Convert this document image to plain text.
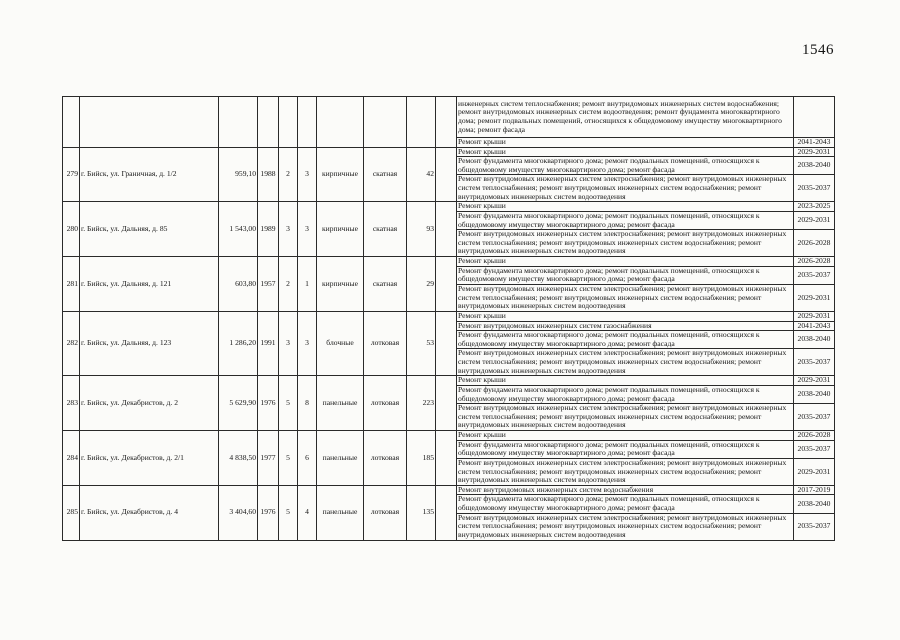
1546
										инженерных систем теплоснабжения; ремонт внутридомовых инженерных систем водоснабжения; ремонт внутридомовых инженерных систем водоотведения; ремонт фундамента многоквартирного дома; ремонт подвальных помещений, относящихся к общедомовому имуществу многоквартирного дома; ремонт фасада	
										Ремонт крыши	2041-2043
279	г. Бийск, ул. Граничная, д. 1/2	959,10	1988	2	3	кирпичные	скатная	42		Ремонт крыши	2029-2031
										Ремонт фундамента многоквартирного дома; ремонт подвальных помещений, относящихся к общедомовому имуществу многоквартирного дома; ремонт фасада	2038-2040
										Ремонт внутридомовых инженерных систем электроснабжения; ремонт внутридомовых инженерных систем теплоснабжения; ремонт внутридомовых инженерных систем водоснабжения; ремонт внутридомовых инженерных систем водоотведения	2035-2037
280	г. Бийск, ул. Дальняя, д. 85	1 543,00	1989	3	3	кирпичные	скатная	93		Ремонт крыши	2023-2025
										Ремонт фундамента многоквартирного дома; ремонт подвальных помещений, относящихся к общедомовому имуществу многоквартирного дома; ремонт фасада	2029-2031
										Ремонт внутридомовых инженерных систем электроснабжения; ремонт внутридомовых инженерных систем теплоснабжения; ремонт внутридомовых инженерных систем водоснабжения; ремонт внутридомовых инженерных систем водоотведения	2026-2028
281	г. Бийск, ул. Дальняя, д. 121	603,80	1957	2	1	кирпичные	скатная	29		Ремонт крыши	2026-2028
										Ремонт фундамента многоквартирного дома; ремонт подвальных помещений, относящихся к общедомовому имуществу многоквартирного дома; ремонт фасада	2035-2037
										Ремонт внутридомовых инженерных систем электроснабжения; ремонт внутридомовых инженерных систем теплоснабжения; ремонт внутридомовых инженерных систем водоснабжения; ремонт внутридомовых инженерных систем водоотведения	2029-2031
282	г. Бийск, ул. Дальняя, д. 123	1 286,20	1991	3	3	блочные	лотковая	53		Ремонт крыши	2029-2031
										Ремонт внутридомовых инженерных систем газоснабжения	2041-2043
										Ремонт фундамента многоквартирного дома; ремонт подвальных помещений, относящихся к общедомовому имуществу многоквартирного дома; ремонт фасада	2038-2040
										Ремонт внутридомовых инженерных систем электроснабжения; ремонт внутридомовых инженерных систем теплоснабжения; ремонт внутридомовых инженерных систем водоснабжения; ремонт внутридомовых инженерных систем водоотведения	2035-2037
283	г. Бийск, ул. Декабристов, д. 2	5 629,90	1976	5	8	панельные	лотковая	223		Ремонт крыши	2029-2031
										Ремонт фундамента многоквартирного дома; ремонт подвальных помещений, относящихся к общедомовому имуществу многоквартирного дома; ремонт фасада	2038-2040
										Ремонт внутридомовых инженерных систем электроснабжения; ремонт внутридомовых инженерных систем теплоснабжения; ремонт внутридомовых инженерных систем водоснабжения; ремонт внутридомовых инженерных систем водоотведения	2035-2037
284	г. Бийск, ул. Декабристов, д. 2/1	4 838,50	1977	5	6	панельные	лотковая	185		Ремонт крыши	2026-2028
										Ремонт фундамента многоквартирного дома; ремонт подвальных помещений, относящихся к общедомовому имуществу многоквартирного дома; ремонт фасада	2035-2037
										Ремонт внутридомовых инженерных систем электроснабжения; ремонт внутридомовых инженерных систем теплоснабжения; ремонт внутридомовых инженерных систем водоснабжения; ремонт внутридомовых инженерных систем водоотведения	2029-2031
285	г. Бийск, ул. Декабристов, д. 4	3 404,60	1976	5	4	панельные	лотковая	135		Ремонт внутридомовых инженерных систем водоснабжения	2017-2019
										Ремонт фундамента многоквартирного дома; ремонт подвальных помещений, относящихся к общедомовому имуществу многоквартирного дома; ремонт фасада	2038-2040
										Ремонт внутридомовых инженерных систем электроснабжения; ремонт внутридомовых инженерных систем теплоснабжения; ремонт внутридомовых инженерных систем водоснабжения; ремонт внутридомовых инженерных систем водоотведения	2035-2037
